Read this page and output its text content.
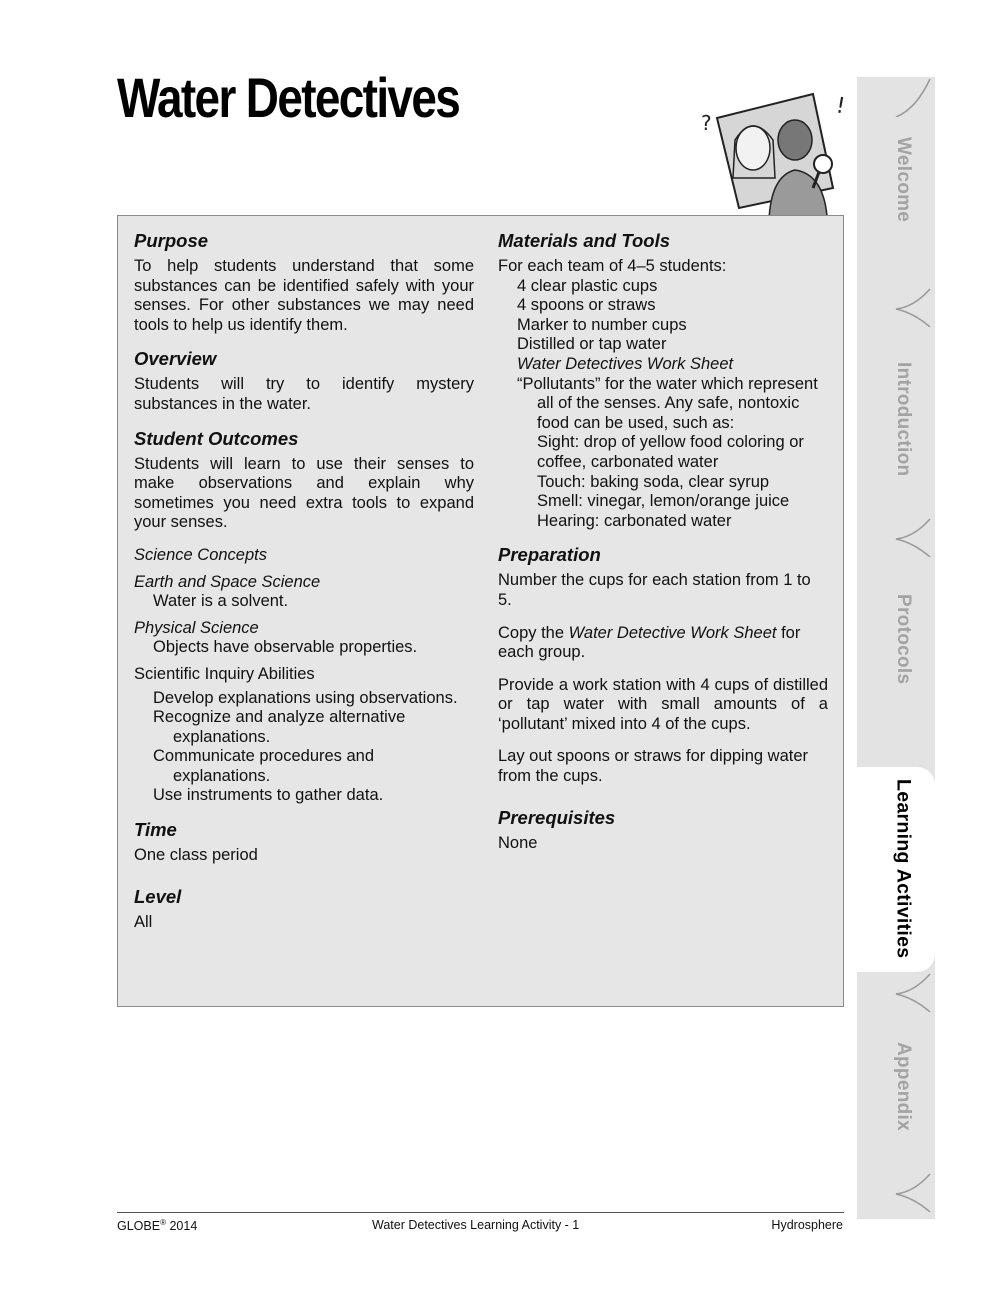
Water Detectives	?
!
Purpose
To help students understand that some substances can be identified safely with your senses. For other substances we may need tools to help us identify them.
Overview
Students will try to identify mystery substances in the water.
Student Outcomes
Students will learn to use their senses to make observations and explain why sometimes you need extra tools to expand your senses.
Science Concepts
Earth and Space Science
Water is a solvent.
Physical Science
Objects have observable properties.
Scientific Inquiry Abilities
Develop explanations using observations.
Recognize and analyze alternative explanations.
Communicate procedures and explanations.
Use instruments to gather data.
Time
One class period
Level
All
Materials and Tools
For each team of 4–5 students:
4 clear plastic cups
4 spoons or straws
Marker to number cups
Distilled or tap water
Water Detectives Work Sheet
“Pollutants” for the water which represent all of the senses. Any safe, nontoxic food can be used, such as:
Sight: drop of yellow food coloring or coffee, carbonated water
Touch: baking soda, clear syrup
Smell: vinegar, lemon/orange juice
Hearing: carbonated water
Preparation
Number the cups for each station from 1 to 5.
Copy the Water Detective Work Sheet for each group.
Provide a work station with 4 cups of distilled or tap water with small amounts of a ‘pollutant’ mixed into 4 of the cups.
Lay out spoons or straws for dipping water from the cups.
Prerequisites
None
Welcome
Introduction
Protocols
Learning Activities
Appendix
GLOBE® 2014	Water Detectives Learning Activity - 1	Hydrosphere
